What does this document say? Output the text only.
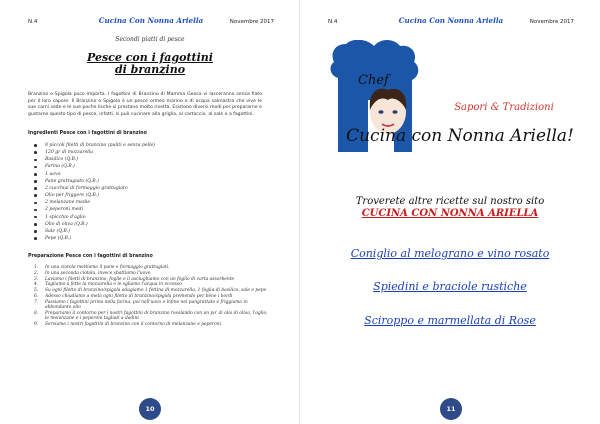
N.4	Cucina Con Nonna Ariella	Novembre 2017
Secondi piatti di pesce
Pesce con i fagottini
di branzino

Branzino o Spigola poco importa. I fagottini di Branzino di Mamma Geosa vi lasceranno senza fiato per il loro sapore. Il Branzino o Spigola è un pesce ormeo marino e di acqua salmastra che vive le sue carni sode e le sue poche lische si prestano molto rivetta. Esistono diversi modi per prepararne e gustarne questo tipo di pesce, infatti, si può cucinare alla griglia, al cartoccio, al sale e a fagottini.

Ingredienti Pesce con i fagottini di branzino
8 piccoli filetti di branzino (puliti e senza pelle)
120 gr di mozzarella
Basilico (Q.B.)
Farina (Q.B.)
1 uovo
Pane grattugiato (Q.B.)
2 cucchiai di formaggio grattugiato
Olio per friggere (Q.B.)
2 melanzane medie
2 peperoni medi
1 spicchio d'aglio
Olio di oliva (Q.B.)
Sale (Q.B.)
Pepe (Q.B.)
Preparazione Pesce con i fagottini di branzino
1. In una ciotola mettiamo il pane e formaggio grattugiati.
2. In una seconda ciotola, invece sbattiamo l'uovo
3. Laviamo i filetti di branzino, foglie e li asciughiamo con un foglio di carta assorbente
4. Tagliamo a fette la mozzarella e le sgliamo l'acqua in eccesso
5. Su ogni filetto di branzino/spigola adagiamo 1 fettina di mozzarella, 1 foglia di basilico, sale e pepe
6. Adesso chiudiamo a metà ogni filetto di branzino/spigola premendo per bene i bordi
7. Passiamo i fagottini prima nella farina, poi nell'uovo e infine nel pangrattato e friggiamo in abbondante olio
8. Prepariamo il contorno per i nostri fagottini di branzino rosolando con un po' di olio di oliva, l'aglio, le melanzane e i peperoni tagliati a dadini
9. Serviamo i nostri fagottini di branzino con il contorno di melanzane e peperoni
10
N.4	Cucina Con Nonna Ariella	Novembre 2017
Chef
Sapori & Tradizioni
Cucina con Nonna Ariella!
Troverete altre ricette sul nostro sito
CUCINA CON NONNA ARIELLA
Coniglio al melograno e vino rosato
Spiedini e braciole rustiche
Sciroppo e marmellata di Rose
11
